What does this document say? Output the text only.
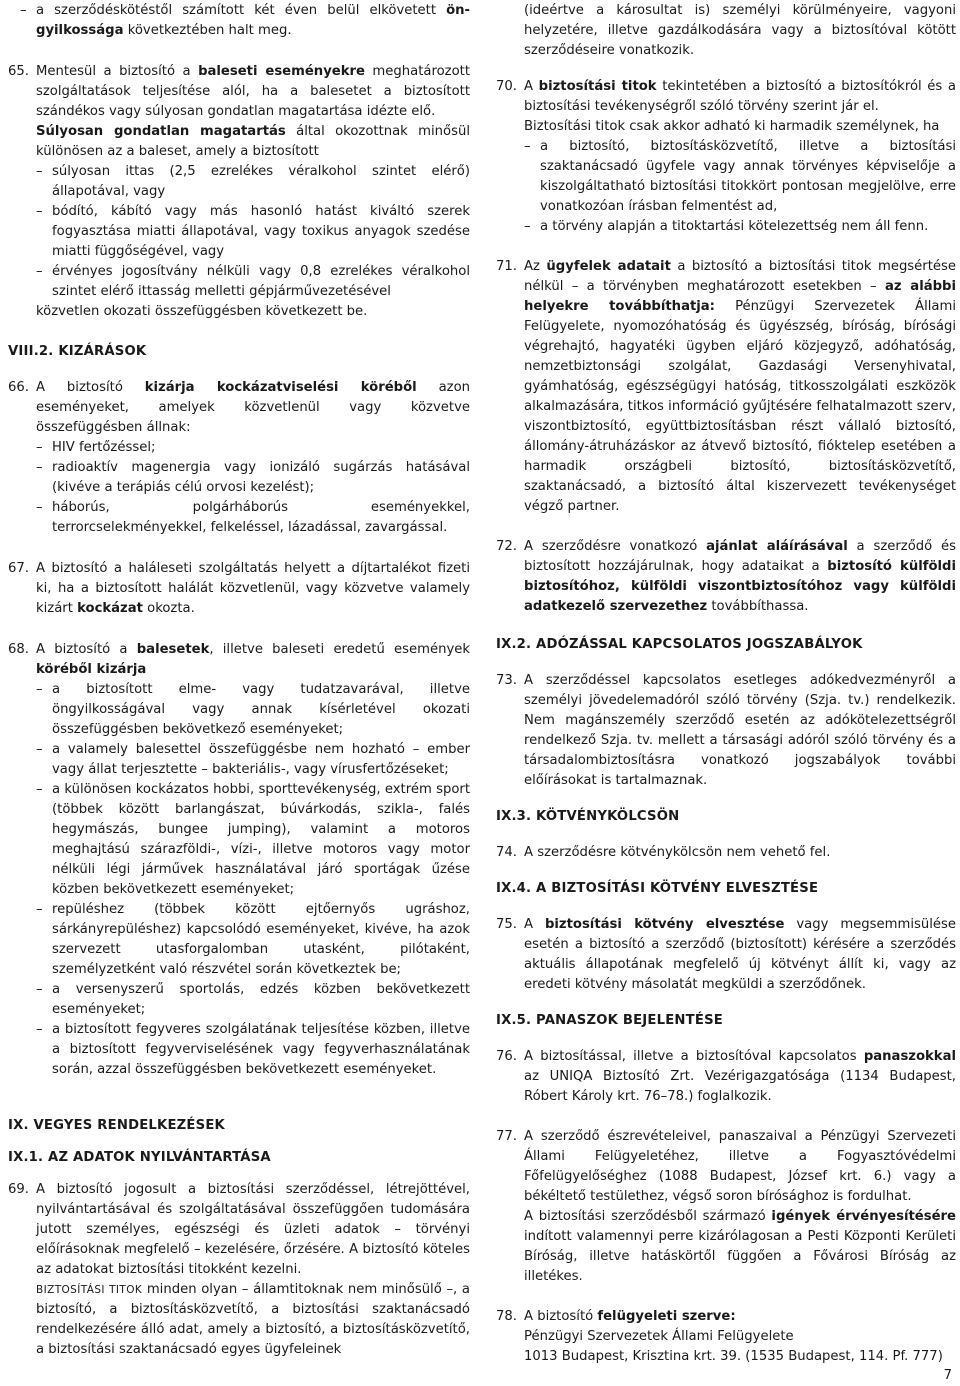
– a szerződéskötéstől számított két éven belül elkövetett ön-gyilkossága következtében halt meg.
65. Mentesül a biztosító a baleseti eseményekre meghatározott szolgáltatások teljesítése alól, ha a balesetet a biztosított szándékos vagy súlyosan gondatlan magatartása idézte elő.

Súlyosan gondatlan magatartás által okozottnak minősül különösen az a baleset, amely a biztosított

– súlyosan ittas (2,5 ezrelékes véralkohol szintet elérő) állapotával, vagy
– bódító, kábító vagy más hasonló hatást kiváltó szerek fogyasztása miatti állapotával, vagy toxikus anyagok szedése miatti függőségével, vagy
– érvényes jogosítvány nélküli vagy 0,8 ezrelékes véralkohol szintet elérő ittasság melletti gépjárművezetésével

közvetlen okozati összefüggésben következett be.

VIII.2. KIZÁRÁSOK
66. A biztosító kizárja kockázatviselési köréből azon eseményeket, amelyek közvetlenül vagy közvetve összefüggésben állnak:

– HIV fertőzéssel;
– radioaktív magenergia vagy ionizáló sugárzás hatásával (kivéve a terápiás célú orvosi kezelést);
– háborús, polgárháborús eseményekkel, terrorcselekményekkel, felkeléssel, lázadással, zavargással.
67. A biztosító a haláleseti szolgáltatás helyett a díjtartalékot fizeti ki, ha a biztosított halálát közvetlenül, vagy közvetve valamely kizárt kockázat okozta.

68. A biztosító a balesetek, illetve baleseti eredetű események köréből kizárja

– a biztosított elme- vagy tudatzavarával, illetve öngyilkosságával vagy annak kísérletével okozati összefüggésben bekövetkező eseményeket;
– a valamely balesettel összefüggésbe nem hozható – ember vagy állat terjesztette – bakteriális-, vagy vírusfertőzéseket;
– a különösen kockázatos hobbi, sporttevékenység, extrém sport (többek között barlangászat, búvárkodás, szikla-, falés hegymászás, bungee jumping), valamint a motoros meghajtású szárazföldi-, vízi-, illetve motoros vagy motor nélküli légi járművek használatával járó sportágak űzése közben bekövetkezett eseményeket;
– repüléshez (többek között ejtőernyős ugráshoz, sárkányrepüléshez) kapcsolódó eseményeket, kivéve, ha azok szervezett utasforgalomban utasként, pilótaként, személyzetként való részvétel során következtek be;
– a versenyszerű sportolás, edzés közben bekövetkezett eseményeket;
– a biztosított fegyveres szolgálatának teljesítése közben, illetve a biztosított fegyverviselésének vagy fegyverhasználatának során, azzal összefüggésben bekövetkezett eseményeket.
IX. VEGYES RENDELKEZÉSEK
IX.1. AZ ADATOK NYILVÁNTARTÁSA
69. A biztosító jogosult a biztosítási szerződéssel, létrejöttével, nyilvántartásával és szolgáltatásával összefüggően tudomására jutott személyes, egészségi és üzleti adatok – törvényi előírásoknak megfelelő – kezelésére, őrzésére. A biztosító köteles az adatokat biztosítási titokként kezelni.

BIZTOSÍTÁSI TITOK minden olyan – államtitoknak nem minősülő –, a biztosító, a biztosításközvetítő, a biztosítási szaktanácsadó rendelkezésére álló adat, amely a biztosító, a biztosításközvetítő, a biztosítási szaktanácsadó egyes ügyfeleinek

(ideértve a károsultat is) személyi körülményeire, vagyoni helyzetére, illetve gazdálkodására vagy a biztosítóval kötött szerződéseire vonatkozik.

70. A biztosítási titok tekintetében a biztosító a biztosítókról és a biztosítási tevékenységről szóló törvény szerint jár el.

Biztosítási titok csak akkor adható ki harmadik személynek, ha

– a biztosító, biztosításközvetítő, illetve a biztosítási szaktanácsadó ügyfele vagy annak törvényes képviselője a kiszolgáltatható biztosítási titokkört pontosan megjelölve, erre vonatkozóan írásban felmentést ad,
– a törvény alapján a titoktartási kötelezettség nem áll fenn.
71. Az ügyfelek adatait a biztosító a biztosítási titok megsértése nélkül – a törvényben meghatározott esetekben – az alábbi helyekre továbbíthatja: Pénzügyi Szervezetek Állami Felügyelete, nyomozóhatóság és ügyészség, bíróság, bírósági végrehajtó, hagyatéki ügyben eljáró közjegyző, adóhatóság, nemzetbiztonsági szolgálat, Gazdasági Versenyhivatal, gyámhatóság, egészségügyi hatóság, titkosszolgálati eszközök alkalmazására, titkos információ gyűjtésére felhatalmazott szerv, viszontbiztosító, együttbiztosításban részt vállaló biztosító, állomány-átruházáskor az átvevő biztosító, fióktelep esetében a harmadik országbeli biztosító, biztosításközvetítő, szaktanácsadó, a biztosító által kiszervezett tevékenységet végző partner.

72. A szerződésre vonatkozó ajánlat aláírásával a szerződő és biztosított hozzájárulnak, hogy adataikat a biztosító külföldi biztosítóhoz, külföldi viszontbiztosítóhoz vagy külföldi adatkezelő szervezethez továbbíthassa.

IX.2. ADÓZÁSSAL KAPCSOLATOS JOGSZABÁLYOK
73. A szerződéssel kapcsolatos esetleges adókedvezményről a személyi jövedelemadóról szóló törvény (Szja. tv.) rendelkezik. Nem magánszemély szerződő esetén az adókötelezettségről rendelkező Szja. tv. mellett a társasági adóról szóló törvény és a társadalombiztosításra vonatkozó jogszabályok további előírásokat is tartalmaznak.

IX.3. KÖTVÉNYKÖLCSÖN
74. A szerződésre kötvénykölcsön nem vehető fel.

IX.4. A BIZTOSÍTÁSI KÖTVÉNY ELVESZTÉSE
75. A biztosítási kötvény elvesztése vagy megsemmisülése esetén a biztosító a szerződő (biztosított) kérésére a szerződés aktuális állapotának megfelelő új kötvényt állít ki, vagy az eredeti kötvény másolatát megküldi a szerződőnek.

IX.5. PANASZOK BEJELENTÉSE
76. A biztosítással, illetve a biztosítóval kapcsolatos panaszokkal az UNIQA Biztosító Zrt. Vezérigazgatósága (1134 Budapest, Róbert Károly krt. 76–78.) foglalkozik.

77. A szerződő észrevételeivel, panaszaival a Pénzügyi Szervezeti Állami Felügyeletéhez, illetve a Fogyasztóvédelmi Főfelügyelőséghez (1088 Budapest, József krt. 6.) vagy a békéltető testülethez, végső soron bírósághoz is fordulhat.

A biztosítási szerződésből származó igények érvényesítésére indított valamennyi perre kizárólagosan a Pesti Központi Kerületi Bíróság, illetve hatáskörtől függően a Fővárosi Bíróság az illetékes.

78. A biztosító felügyeleti szerve:

Pénzügyi Szervezetek Állami Felügyelete

1013 Budapest, Krisztina krt. 39. (1535 Budapest, 114. Pf. 777)

7
